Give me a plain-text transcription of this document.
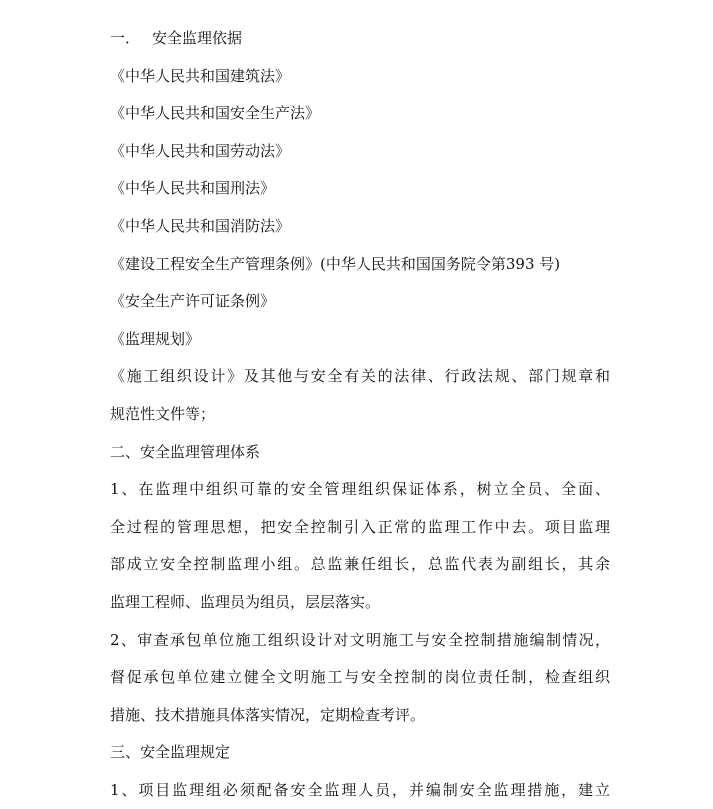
一． 安全监理依据
《中华人民共和国建筑法》
《中华人民共和国安全生产法》
《中华人民共和国劳动法》
《中华人民共和国刑法》
《中华人民共和国消防法》
《建设工程安全生产管理条例》(中华人民共和国国务院令第393 号)
《安全生产许可证条例》
《监理规划》
《施工组织设计》及其他与安全有关的法律、行政法规、部门规章和
规范性文件等；
二、安全监理管理体系
1、在监理中组织可靠的安全管理组织保证体系，树立全员、全面、
全过程的管理思想，把安全控制引入正常的监理工作中去。项目监理
部成立安全控制监理小组。总监兼任组长，总监代表为副组长，其余
监理工程师、监理员为组员，层层落实。
2、审查承包单位施工组织设计对文明施工与安全控制措施编制情况，
督促承包单位建立健全文明施工与安全控制的岗位责任制，检查组织
措施、技术措施具体落实情况，定期检查考评。
三、安全监理规定
1、项目监理组必须配备安全监理人员，并编制安全监理措施，建立
